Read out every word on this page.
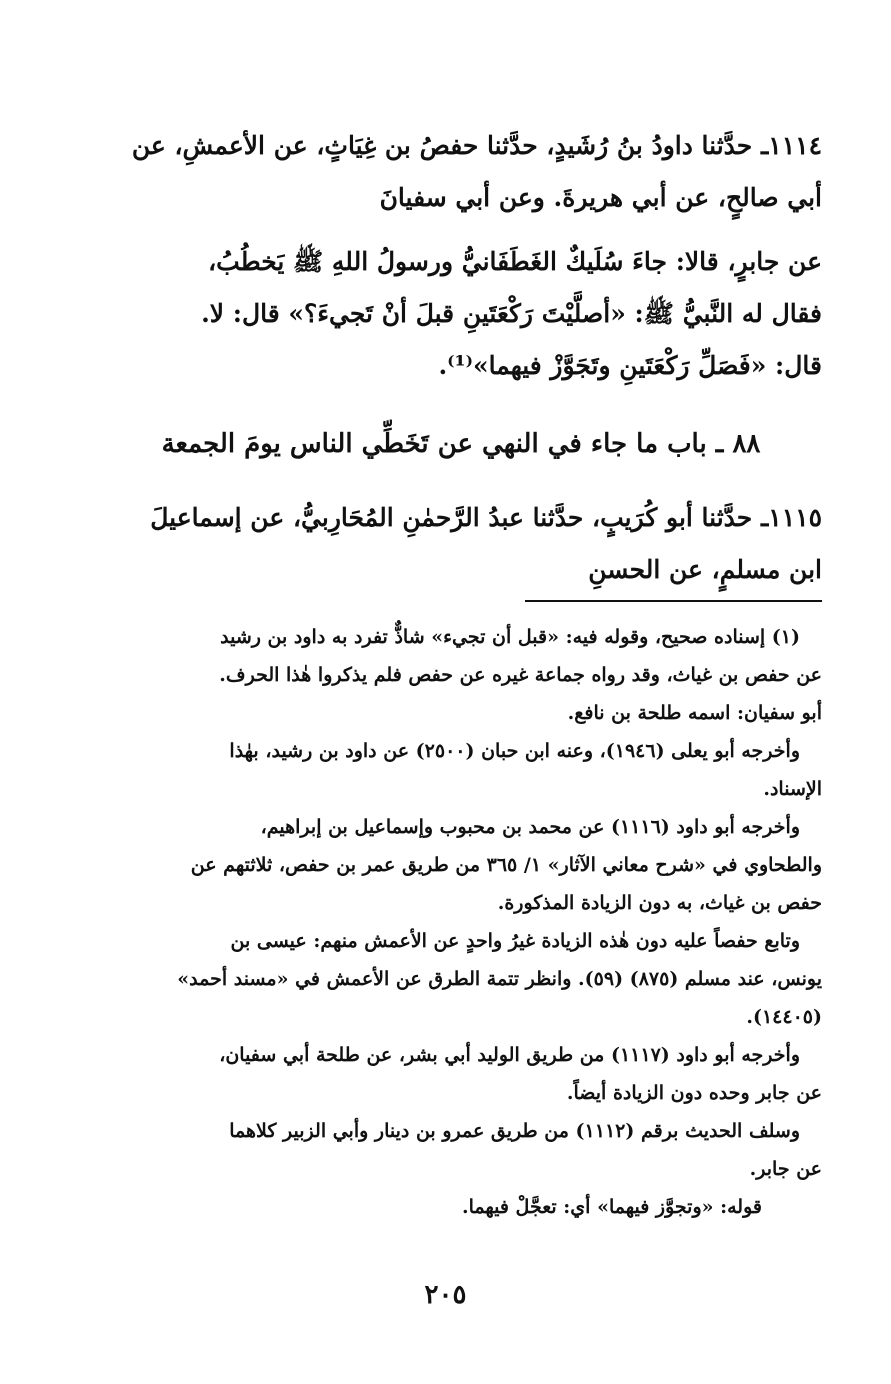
١١١٤ـ حدَّثنا داودُ بنُ رُشَيدٍ، حدَّثنا حفصُ بن غِيَاثٍ، عن الأعمشِ، عن

أبي صالحٍ، عن أبي هريرةَ. وعن أبي سفيانَ

عن جابرٍ، قالا: جاءَ سُلَيكٌ الغَطَفَانيُّ ورسولُ اللهِ ﷺ يَخطُبُ،

فقال له النَّبيُّ ﷺ: «أصلَّيْتَ رَكْعَتَينِ قبلَ أنْ تَجيءَ؟» قال: لا.

قال: «فَصَلِّ رَكْعَتَينِ وتَجَوَّزْ فيهما»⁽¹⁾.

٨٨ ـ باب ما جاء في النهي عن تَخَطِّي الناس يومَ الجمعة

١١١٥ـ حدَّثنا أبو كُرَيبٍ، حدَّثنا عبدُ الرَّحمٰنِ المُحَارِبيُّ، عن إسماعيلَ

ابن مسلمٍ، عن الحسنِ

(١) إسناده صحيح، وقوله فيه: «قبل أن تجيء» شاذٌّ تفرد به داود بن رشيد

عن حفص بن غياث، وقد رواه جماعة غيره عن حفص فلم يذكروا هٰذا الحرف.

أبو سفيان: اسمه طلحة بن نافع.

وأخرجه أبو يعلى (١٩٤٦)، وعنه ابن حبان (٢٥٠٠) عن داود بن رشيد، بهٰذا

الإسناد.

وأخرجه أبو داود (١١١٦) عن محمد بن محبوب وإسماعيل بن إبراهيم،

والطحاوي في «شرح معاني الآثار» ١/ ٣٦٥ من طريق عمر بن حفص، ثلاثتهم عن

حفص بن غياث، به دون الزيادة المذكورة.

وتابع حفصاً عليه دون هٰذه الزيادة غيرُ واحدٍ عن الأعمش منهم: عيسى بن

يونس، عند مسلم (٨٧٥) (٥٩). وانظر تتمة الطرق عن الأعمش في «مسند أحمد»

(١٤٤٠٥).

وأخرجه أبو داود (١١١٧) من طريق الوليد أبي بشر، عن طلحة أبي سفيان،

عن جابر وحده دون الزيادة أيضاً.

وسلف الحديث برقم (١١١٢) من طريق عمرو بن دينار وأبي الزبير كلاهما

عن جابر.

قوله: «وتجوَّز فيهما» أي: تعجَّلْ فيهما.

٢٠٥
